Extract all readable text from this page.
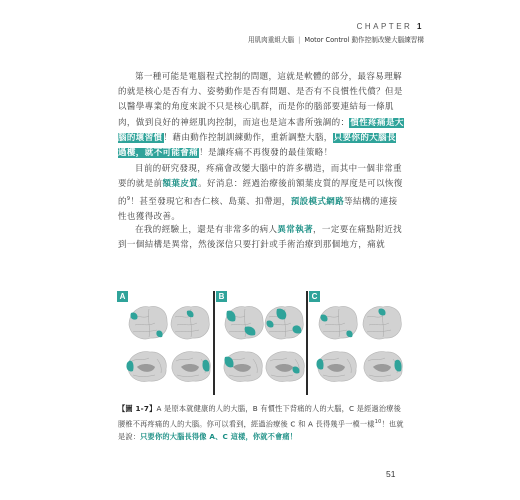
CHAPTER 1
用肌肉重組大腦 | Motor Control 動作控制改變大腦練習構
第一種可能是電腦程式控制的問題，這就是軟體的部分，最容易理解的就是核心是否有力、姿勢動作是否有問題、是否有不良慣性代償？但是以醫學專業的角度來說不只是核心肌群，而是你的腦部要連結每一條肌肉，做到良好的神經肌肉控制，而這也是這本書所強調的：慣性疼痛是大腦的壞習慣！藉由動作控制訓練動作，重新調整大腦，只要你的大腦長過樓，就不可能會痛！是讓疼痛不再復發的最佳策略！
目前的研究發現，疼痛會改變大腦中的許多構造，而其中一個非常重要的就是前額葉皮質。好消息：經過治療後前額葉皮質的厚度是可以恢復的$^9$！甚至發現它和杏仁核、島葉、扣帶迴，預設模式網路等結構的連接性也獲得改善。
在我的經驗上，還是有非常多的病人異常執著，一定要在痛點附近找到一個結構是異常，然後深信只要打針或手術治療到那個地方，痛就
A	B	C
【圖 1-7】A 是原本就健康的人的大腦，B 有慣性下背痛的人的大腦，C 是經過治療後腰椎不再疼痛的人的大腦。你可以看到，經過治療後 C 和 A 長得幾乎一模一樣$^{10}$！也就是說：只要你的大腦長得像 A、C 這樣，你就不會痛！
51
